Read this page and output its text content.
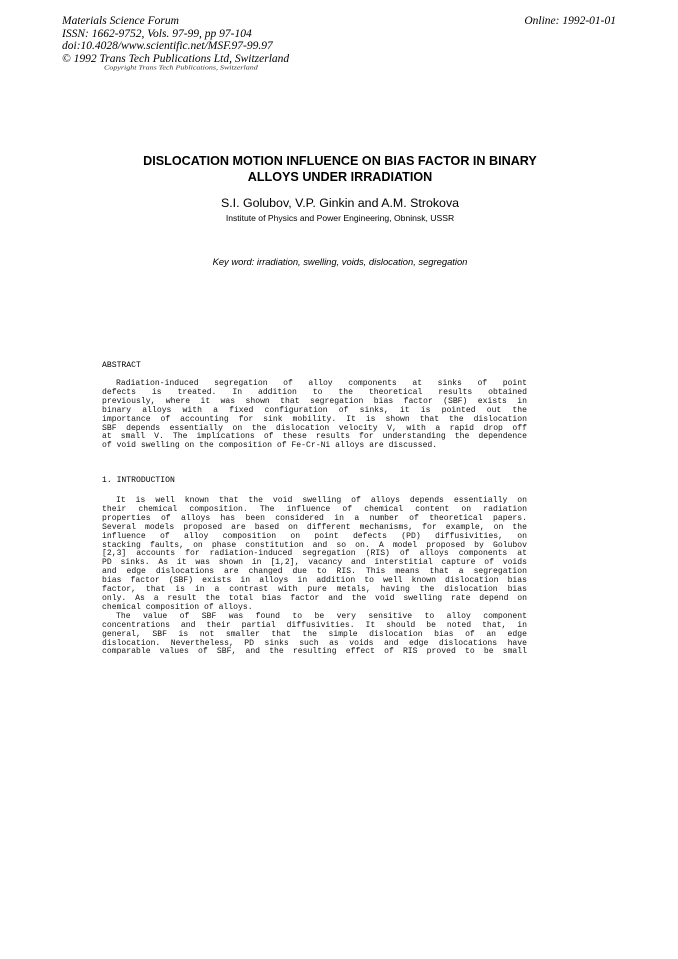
Materials Science Forum
ISSN: 1662-9752, Vols. 97-99, pp 97-104
doi:10.4028/www.scientific.net/MSF.97-99.97
© 1992 Trans Tech Publications Ltd, Switzerland
Online: 1992-01-01
Copyright Trans Tech Publications, Switzerland
DISLOCATION MOTION INFLUENCE ON BIAS FACTOR IN BINARY
ALLOYS UNDER IRRADIATION
S.I. Golubov, V.P. Ginkin and A.M. Strokova
Institute of Physics and Power Engineering, Obninsk, USSR
Key word: irradiation, swelling, voids, dislocation, segregation
ABSTRACT
Radiation-induced segregation of alloy components at sinks of point
defects is treated. In addition to the theoretical results obtained
previously, where it was shown that segregation bias factor (SBF) exists in
binary alloys with a fixed configuration of sinks, it is pointed out the
importance of accounting for sink mobility. It is shown that the dislocation
SBF depends essentially on the dislocation velocity V, with a rapid drop off
at small V. The implications of these results for understanding the dependence
of void swelling on the composition of Fe-Cr-Ni alloys are discussed.
1. INTRODUCTION
It is well known that the void swelling of alloys depends essentially on
their chemical composition. The influence of chemical content on radiation
properties of alloys has been considered in a number of theoretical papers.
Several models proposed are based on different mechanisms, for example, on the
influence of alloy composition on point defects (PD) diffusivities, on
stacking faults, on phase constitution and so on. A model proposed by Golubov
[2,3] accounts for radiation-induced segregation (RIS) of alloys components at
PD sinks. As it was shown in [1,2], vacancy and interstitial capture of voids
and edge dislocations are changed due to RIS. This means that a segregation
bias factor (SBF) exists in alloys in addition to well known dislocation bias
factor, that is in a contrast with pure metals, having the dislocation bias
only. As a result the total bias factor and the void swelling rate depend on
chemical composition of alloys.
The value of SBF was found to be very sensitive to alloy component
concentrations and their partial diffusivities. It should be noted that, in
general, SBF is not smaller that the simple dislocation bias of an edge
dislocation. Nevertheless, PD sinks such as voids and edge dislocations have
comparable values of SBF, and the resulting effect of RIS proved to be small
